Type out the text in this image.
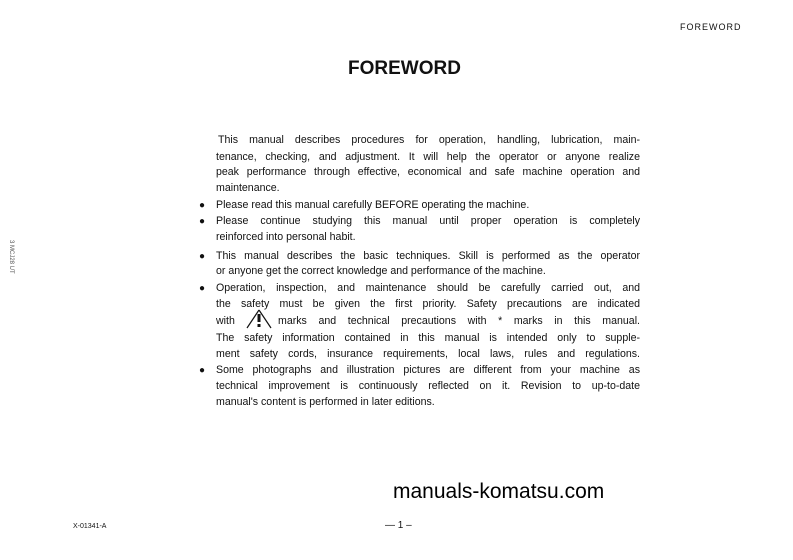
FOREWORD
FOREWORD
3 MCJ28 UT
This manual describes procedures for operation, handling, lubrication, main-
tenance, checking, and adjustment. It will help the operator or anyone realize
peak performance through effective, economical and safe machine operation and
maintenance.
● Please read this manual carefully BEFORE operating the machine.
● Please continue studying this manual until proper operation is completely
reinforced into personal habit.
● This manual describes the basic techniques. Skill is performed as the operator
or anyone get the correct knowledge and performance of the machine.
● Operation, inspection, and maintenance should be carefully carried out, and
the safety must be given the first priority. Safety precautions are indicated
with	marks and technical precautions with * marks in this manual.
The safety information contained in this manual is intended only to supple-
ment safety cords, insurance requirements, local laws, rules and regulations.
● Some photographs and illustration pictures are different from your machine as
technical improvement is continuously reflected on it. Revision to up-to-date
manual's content is performed in later editions.
manuals-komatsu.com
X-01341-A	— 1 –
